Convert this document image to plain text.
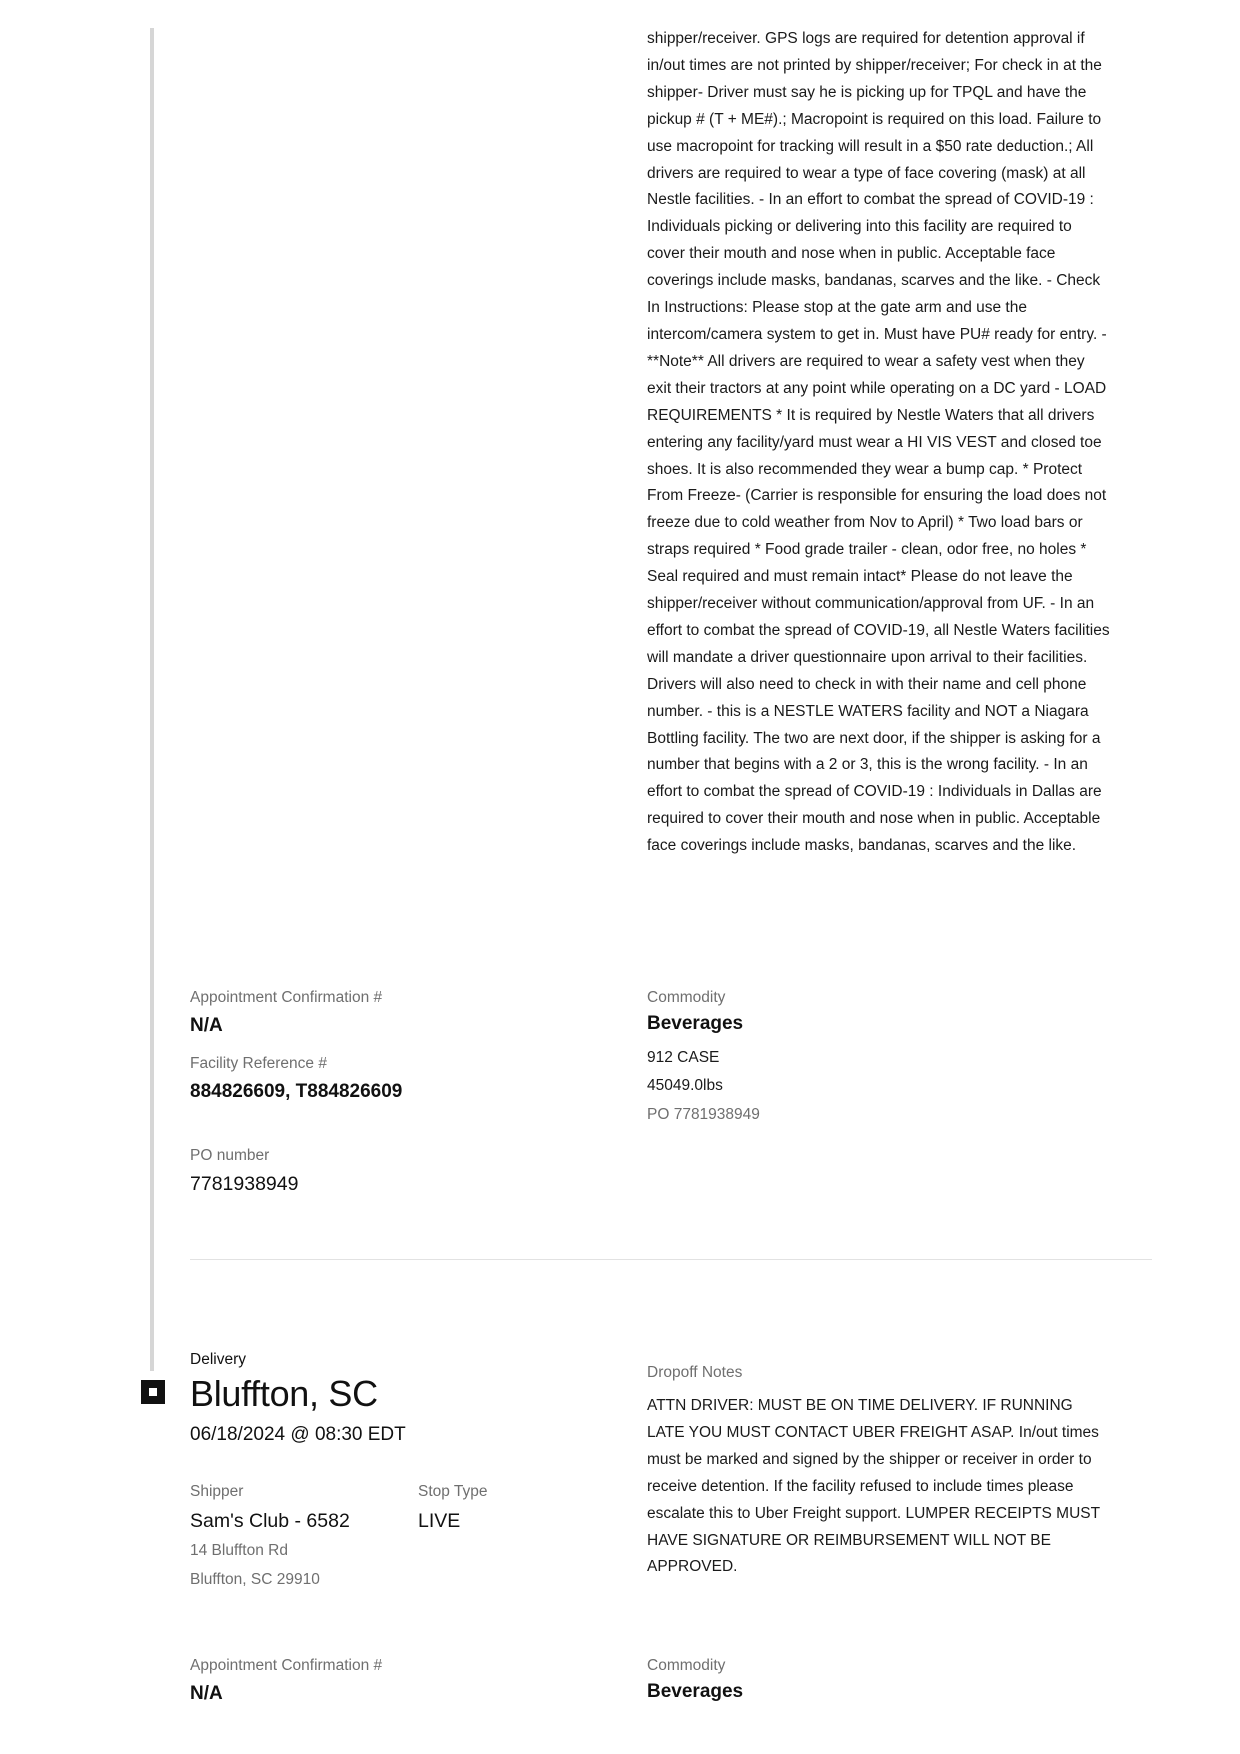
shipper/receiver. GPS logs are required for detention approval if in/out times are not printed by shipper/receiver; For check in at the shipper- Driver must say he is picking up for TPQL and have the pickup # (T + ME#).; Macropoint is required on this load. Failure to use macropoint for tracking will result in a $50 rate deduction.; All drivers are required to wear a type of face covering (mask) at all Nestle facilities. - In an effort to combat the spread of COVID-19 : Individuals picking or delivering into this facility are required to cover their mouth and nose when in public. Acceptable face coverings include masks, bandanas, scarves and the like. - Check In Instructions: Please stop at the gate arm and use the intercom/camera system to get in. Must have PU# ready for entry. - **Note** All drivers are required to wear a safety vest when they exit their tractors at any point while operating on a DC yard - LOAD REQUIREMENTS * It is required by Nestle Waters that all drivers entering any facility/yard must wear a HI VIS VEST and closed toe shoes. It is also recommended they wear a bump cap. * Protect From Freeze- (Carrier is responsible for ensuring the load does not freeze due to cold weather from Nov to April) * Two load bars or straps required * Food grade trailer - clean, odor free, no holes * Seal required and must remain intact* Please do not leave the shipper/receiver without communication/approval from UF. - In an effort to combat the spread of COVID-19, all Nestle Waters facilities will mandate a driver questionnaire upon arrival to their facilities. Drivers will also need to check in with their name and cell phone number. - this is a NESTLE WATERS facility and NOT a Niagara Bottling facility. The two are next door, if the shipper is asking for a number that begins with a 2 or 3, this is the wrong facility. - In an effort to combat the spread of COVID-19 : Individuals in Dallas are required to cover their mouth and nose when in public. Acceptable face coverings include masks, bandanas, scarves and the like.
Appointment Confirmation #
N/A
Facility Reference #
884826609, T884826609
PO number
7781938949
Commodity
Beverages
912 CASE
45049.0lbs
PO 7781938949
Delivery
Bluffton, SC
06/18/2024 @ 08:30 EDT
Shipper
Sam's Club - 6582
14 Bluffton Rd
Bluffton, SC 29910
Stop Type
LIVE
Dropoff Notes
ATTN DRIVER: MUST BE ON TIME DELIVERY. IF RUNNING LATE YOU MUST CONTACT UBER FREIGHT ASAP. In/out times must be marked and signed by the shipper or receiver in order to receive detention. If the facility refused to include times please escalate this to Uber Freight support. LUMPER RECEIPTS MUST HAVE SIGNATURE OR REIMBURSEMENT WILL NOT BE APPROVED.
Appointment Confirmation #
N/A
Commodity
Beverages
